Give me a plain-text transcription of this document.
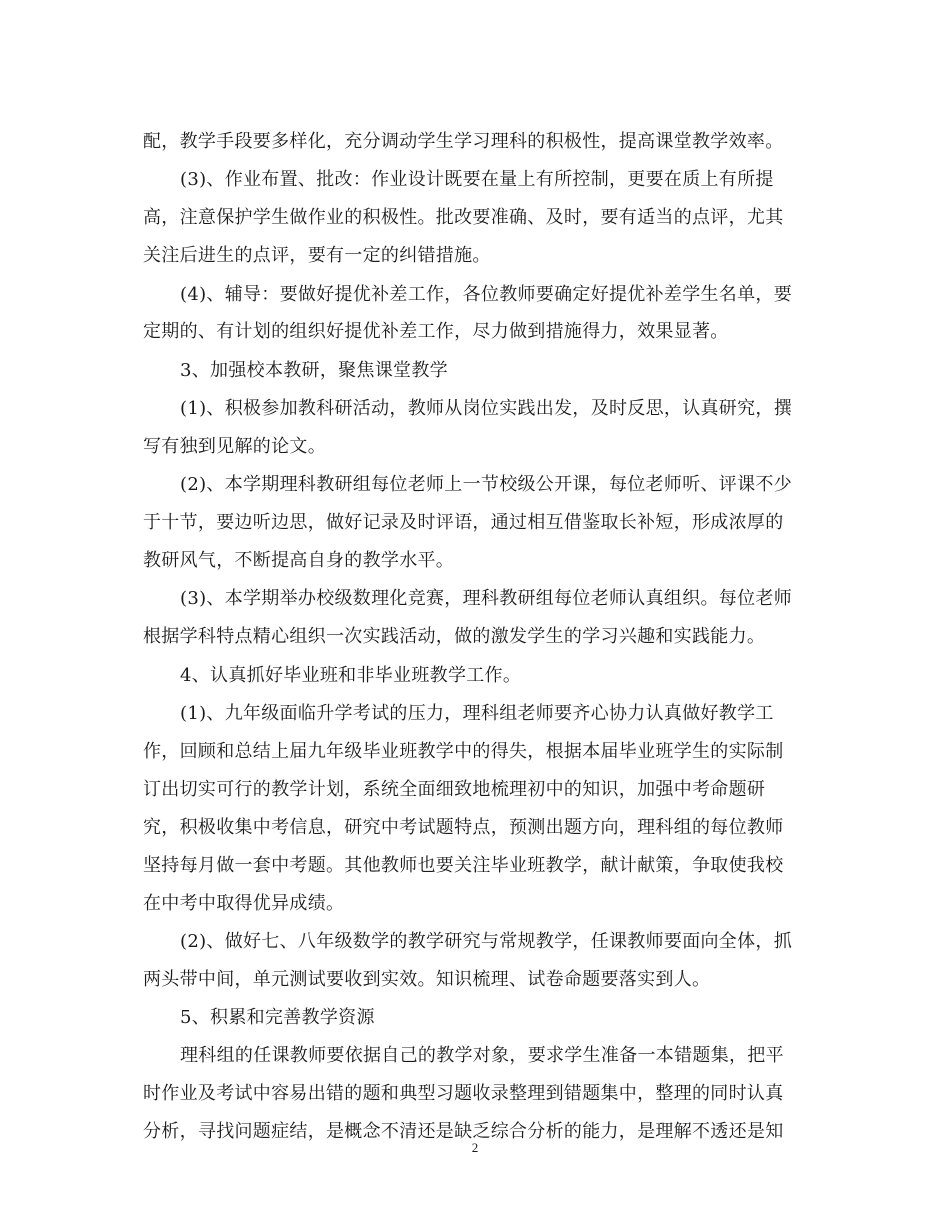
配，教学手段要多样化，充分调动学生学习理科的积极性，提高课堂教学效率。
(3)、作业布置、批改：作业设计既要在量上有所控制，更要在质上有所提
高，注意保护学生做作业的积极性。批改要准确、及时，要有适当的点评，尤其
关注后进生的点评，要有一定的纠错措施。
(4)、辅导：要做好提优补差工作，各位教师要确定好提优补差学生名单，要
定期的、有计划的组织好提优补差工作，尽力做到措施得力，效果显著。
3、加强校本教研，聚焦课堂教学
(1)、积极参加教科研活动，教师从岗位实践出发，及时反思，认真研究，撰
写有独到见解的论文。
(2)、本学期理科教研组每位老师上一节校级公开课，每位老师听、评课不少
于十节，要边听边思，做好记录及时评语，通过相互借鉴取长补短，形成浓厚的
教研风气，不断提高自身的教学水平。
(3)、本学期举办校级数理化竞赛，理科教研组每位老师认真组织。每位老师
根据学科特点精心组织一次实践活动，做的激发学生的学习兴趣和实践能力。
4、认真抓好毕业班和非毕业班教学工作。
(1)、九年级面临升学考试的压力，理科组老师要齐心协力认真做好教学工
作，回顾和总结上届九年级毕业班教学中的得失，根据本届毕业班学生的实际制
订出切实可行的教学计划，系统全面细致地梳理初中的知识，加强中考命题研
究，积极收集中考信息，研究中考试题特点，预测出题方向，理科组的每位教师
坚持每月做一套中考题。其他教师也要关注毕业班教学，献计献策，争取使我校
在中考中取得优异成绩。
(2)、做好七、八年级数学的教学研究与常规教学，任课教师要面向全体，抓
两头带中间，单元测试要收到实效。知识梳理、试卷命题要落实到人。
5、积累和完善教学资源
理科组的任课教师要依据自己的教学对象，要求学生准备一本错题集，把平
时作业及考试中容易出错的题和典型习题收录整理到错题集中，整理的同时认真
分析，寻找问题症结，是概念不清还是缺乏综合分析的能力，是理解不透还是知
2
